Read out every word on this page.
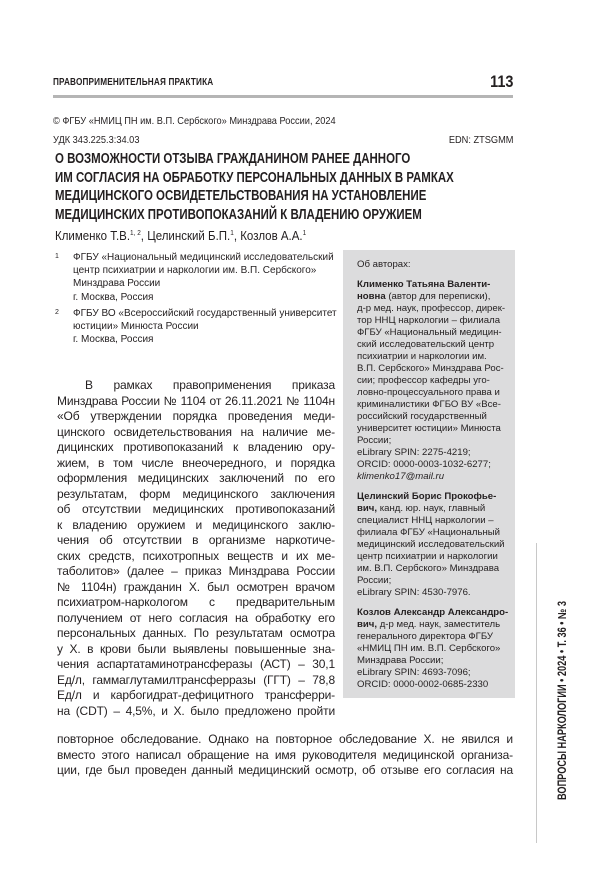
ПРАВОПРИМЕНИТЕЛЬНАЯ ПРАКТИКА	113
© ФГБУ «НМИЦ ПН им. В.П. Сербского» Минздрава России, 2024
УДК 343.225.3:34.03	EDN: ZTSGMM
О ВОЗМОЖНОСТИ ОТЗЫВА ГРАЖДАНИНОМ РАНЕЕ ДАННОГО
ИМ СОГЛАСИЯ НА ОБРАБОТКУ ПЕРСОНАЛЬНЫХ ДАННЫХ В РАМКАХ
МЕДИЦИНСКОГО ОСВИДЕТЕЛЬСТВОВАНИЯ НА УСТАНОВЛЕНИЕ
МЕДИЦИНСКИХ ПРОТИВОПОКАЗАНИЙ К ВЛАДЕНИЮ ОРУЖИЕМ
Клименко Т.В.1, 2, Целинский Б.П.1, Козлов А.А.1
1 ФГБУ «Национальный медицинский исследовательский
центр психиатрии и наркологии им. В.П. Сербского»
Минздрава России
г. Москва, Россия
2 ФГБУ ВО «Всероссийский государственный университет
юстиции» Минюста России
г. Москва, Россия
В рамках правоприменения приказа
Минздрава России № 1104 от 26.11.2021 № 1104н
«Об утверждении порядка проведения меди-
цинского освидетельствования на наличие ме-
дицинских противопоказаний к владению ору-
жием, в том числе внеочередного, и порядка
оформления медицинских заключений по его
результатам, форм медицинского заключения
об отсутствии медицинских противопоказаний
к владению оружием и медицинского заклю-
чения об отсутствии в организме наркотиче-
ских средств, психотропных веществ и их ме-
таболитов» (далее – приказ Минздрава России
№ 1104н) гражданин Х. был осмотрен врачом
психиатром-наркологом с предварительным
получением от него согласия на обработку его
персональных данных. По результатам осмотра
у Х. в крови были выявлены повышенные зна-
чения аспартатаминотрансферазы (АСТ) – 30,1
Ед/л, гаммаглутамилтрансферразы (ГГТ) – 78,8
Ед/л и карбогидрат-дефицитного трансферри-
на (CDT) – 4,5%, и Х. было предложено пройти
Об авторах:
Клименко Татьяна Валенти-
новна (автор для переписки),
д-р мед. наук, профессор, дирек-
тор ННЦ наркологии – филиала
ФГБУ «Национальный медицин-
ский исследовательский центр
психиатрии и наркологии им.
В.П. Сербского» Минздрава Рос-
сии; профессор кафедры уго-
ловно-процессуального права и
криминалистики ФГБО ВУ «Все-
российский государственный
университет юстиции» Минюста
России;
eLibrary SPIN: 2275-4219;
ORCID: 0000-0003-1032-6277;
klimenko17@mail.ru
Целинский Борис Прокофье-
вич, канд. юр. наук, главный
специалист ННЦ наркологии –
филиала ФГБУ «Национальный
медицинский исследовательский
центр психиатрии и наркологии
им. В.П. Сербского» Минздрава
России;
eLibrary SPIN: 4530-7976.
Козлов Александр Александро-
вич, д-р мед. наук, заместитель
генерального директора ФГБУ
«НМИЦ ПН им. В.П. Сербского»
Минздрава России;
eLibrary SPIN: 4693-7096;
ORCID: 0000-0002-0685-2330
повторное обследование. Однако на повторное обследование Х. не явился и
вместо этого написал обращение на имя руководителя медицинской организа-
ции, где был проведен данный медицинский осмотр, об отзыве его согласия на	ВОПРОСЫ НАРКОЛОГИИ • 2024 • Т. 36 • № 3
